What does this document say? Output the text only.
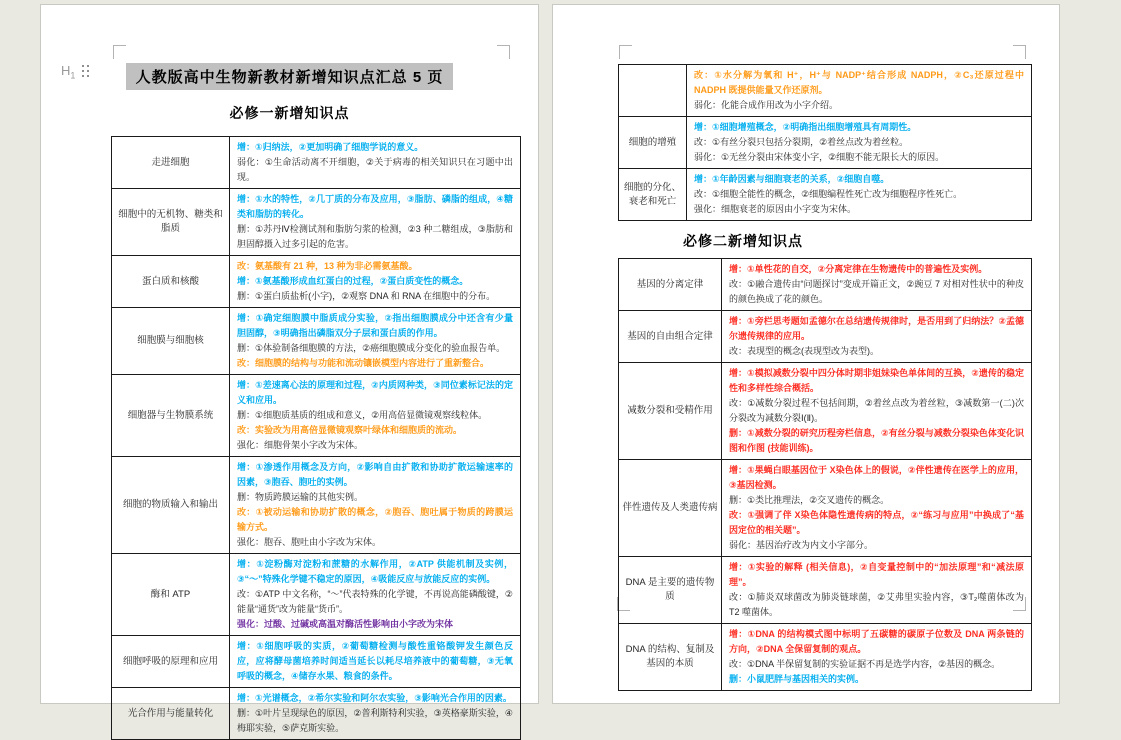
$H_1$	人教版高中生物新教材新增知识点汇总 5 页
必修一新增知识点
走进细胞	增：①归纳法，②更加明确了细胞学说的意义。
弱化：①生命活动离不开细胞，②关于病毒的相关知识只在习题中出现。

细胞中的无机物、糖类和脂质	增：①水的特性，②几丁质的分布及应用，③脂肪、磷脂的组成，④糖类和脂肪的转化。
删：①苏丹Ⅳ检测试剂和脂肪匀浆的检测，②3 种二糖组成，③脂肪和胆固醇摄入过多引起的危害。

蛋白质和核酸	改：氨基酸有 21 种，13 种为非必需氨基酸。
增：①氨基酸形成血红蛋白的过程，②蛋白质变性的概念。
删：①蛋白质盐析(小字)，②观察 DNA 和 RNA 在细胞中的分布。

细胞膜与细胞核	增：①确定细胞膜中脂质成分实验，②指出细胞膜成分中还含有少量胆固醇，③明确指出磷脂双分子层和蛋白质的作用。
删：①体验制备细胞膜的方法，②癌细胞膜成分变化的验血报告单。
改：细胞膜的结构与功能和流动镶嵌模型内容进行了重新整合。

细胞器与生物膜系统	增：①差速离心法的原理和过程，②内质网种类，③同位素标记法的定义和应用。
删：①细胞质基质的组成和意义，②用高倍显微镜观察线粒体。
改：实验改为用高倍显微镜观察叶绿体和细胞质的流动。
强化：细胞骨架小字改为宋体。

细胞的物质输入和输出	增：①渗透作用概念及方向，②影响自由扩散和协助扩散运输速率的因素，③胞吞、胞吐的实例。
删：物质跨膜运输的其他实例。
改：①被动运输和协助扩散的概念，②胞吞、胞吐属于物质的跨膜运输方式。
强化：胞吞、胞吐由小字改为宋体。

酶和 ATP	增：①淀粉酶对淀粉和蔗糖的水解作用，②ATP 供能机制及实例，③“～”特殊化学键不稳定的原因，④吸能反应与放能反应的实例。
改：①ATP 中文名称，“～”代表特殊的化学键，不再说高能磷酸键，②能量“通货”改为能量“货币”。
强化：过酸、过碱或高温对酶活性影响由小字改为宋体

细胞呼吸的原理和应用	增：①细胞呼吸的实质，②葡萄糖检测与酸性重铬酸钾发生颜色反应，应将酵母菌培养时间适当延长以耗尽培养液中的葡萄糖，③无氧呼吸的概念，④储存水果、粮食的条件。

光合作用与能量转化	增：①光谱概念，②希尔实验和阿尔农实验，③影响光合作用的因素。
删：①叶片呈现绿色的原因，②普利斯特利实验，③英格豪斯实验，④梅耶实验，⑤萨克斯实验。

	改：①水分解为氧和 H⁺，H⁺与 NADP⁺结合形成 NADPH，②C₃还原过程中 NADPH 既提供能量又作还原剂。
弱化：化能合成作用改为小字介绍。

细胞的增殖	增：①细胞增殖概念，②明确指出细胞增殖具有周期性。
改：①有丝分裂只包括分裂期，②着丝点改为着丝粒。
弱化：①无丝分裂由宋体变小字，②细胞不能无限长大的原因。

细胞的分化、衰老和死亡	增：①年龄因素与细胞衰老的关系，②细胞自噬。
改：①细胞全能性的概念，②细胞编程性死亡改为细胞程序性死亡。
强化：细胞衰老的原因由小字变为宋体。
必修二新增知识点
基因的分离定律	增：①单性花的自交，②分离定律在生物遗传中的普遍性及实例。
改：①融合遗传由“问题探讨”变成开篇正文，②豌豆 7 对相对性状中的种皮的颜色换成了花的颜色。

基因的自由组合定律	增：①旁栏思考题如孟德尔在总结遗传规律时，是否用到了归纳法？②孟德尔遗传规律的应用。
改：表现型的概念(表现型改为表型)。

减数分裂和受精作用	增：①模拟减数分裂中四分体时期非姐妹染色单体间的互换，②遗传的稳定性和多样性综合概括。
改：①减数分裂过程不包括间期，②着丝点改为着丝粒，③减数第一(二)次分裂改为减数分裂Ⅰ(Ⅱ)。
删：①减数分裂的研究历程旁栏信息，②有丝分裂与减数分裂染色体变化识图和作图 (技能训练)。

伴性遗传及人类遗传病	增：①果蝇白眼基因位于 X染色体上的假说，②伴性遗传在医学上的应用，③基因检测。
删：①类比推理法，②交叉遗传的概念。
改：①强调了伴 X染色体隐性遗传病的特点，②“练习与应用”中换成了“基因定位的相关题”。
弱化：基因治疗改为内文小字部分。

DNA 是主要的遗传物质	增：①实验的解释 (相关信息)，②自变量控制中的“加法原理”和“减法原理”。
改：①肺炎双球菌改为肺炎链球菌，②艾弗里实验内容，③T₂噬菌体改为 T2 噬菌体。

DNA 的结构、复制及基因的本质	增：①DNA 的结构模式图中标明了五碳糖的碳原子位数及 DNA 两条链的方向，②DNA 全保留复制的观点。
改：①DNA 半保留复制的实验证据不再是选学内容，②基因的概念。
删：小鼠肥胖与基因相关的实例。
